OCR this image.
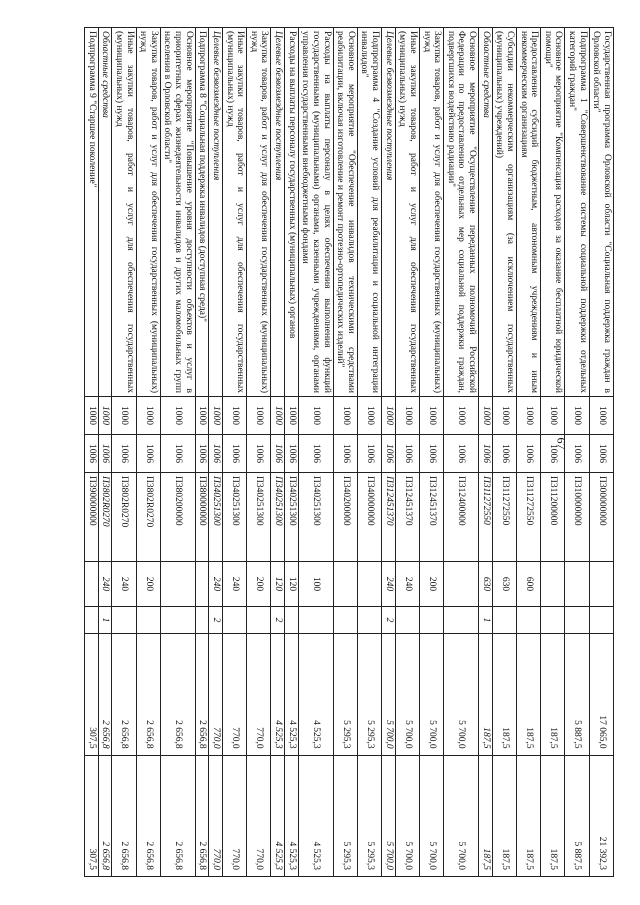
67
Государственная программа Орловской области "Социальная поддержка граждан в Орловской области"	1000	1006	П300000000			17 065,0	21 392,3
Подпрограмма 1 "Совершенствование системы социальной поддержки отдельных категорий граждан"	1000	1006	П310000000			5 887,5	5 887,5
Основное мероприятие "Компенсация расходов за оказание бесплатной юридической помощи"	1000	1006	П311200000			187,5	187,5
Предоставление субсидий бюджетным, автономным учреждениям и иным некоммерческим организациям	1000	1006	П311272550	600		187,5	187,5
Субсидии некоммерческим организациям (за исключением государственных (муниципальных) учреждений)	1000	1006	П311272550	630		187,5	187,5
Областные средства	1000	1006	П311272550	630	1	187,5	187,5
Основное мероприятие "Осуществление переданных полномочий Российской Федерации по предоставлению отдельных мер социальной поддержки граждан, подвергшихся воздействию радиации"	1000	1006	П312400000			5 700,0	5 700,0
Закупка товаров, работ и услуг для обеспечения государственных (муниципальных) нужд	1000	1006	П312451370	200		5 700,0	5 700,0
Иные закупки товаров, работ и услуг для обеспечения государственных (муниципальных) нужд	1000	1006	П312451370	240		5 700,0	5 700,0
Целевые безвозмездные поступления	1000	1006	П312451370	240	2	5 700,0	5 700,0
Подпрограмма 4 "Создание условий для реабилитации и социальной интеграции инвалидов"	1000	1006	П340000000			5 295,3	5 295,3
Основное мероприятие "Обеспечение инвалидов техническими средствами реабилитации, включая изготовление и ремонт протезно-ортопедических изделий"	1000	1006	П340200000			5 295,3	5 295,3
Расходы на выплаты персоналу в целях обеспечения выполнения функций государственными (муниципальными) органами, казенными учреждениями, органами управления государственными внебюджетными фондами	1000	1006	П340251300	100		4 525,3	4 525,3
Расходы на выплаты персоналу государственных (муниципальных) органов	1000	1006	П340251300	120		4 525,3	4 525,3
Целевые безвозмездные поступления	1000	1006	П340251300	120	2	4 525,3	4 525,3
Закупка товаров, работ и услуг для обеспечения государственных (муниципальных) нужд	1000	1006	П340251300	200		770,0	770,0
Иные закупки товаров, работ и услуг для обеспечения государственных (муниципальных) нужд	1000	1006	П340251300	240		770,0	770,0
Целевые безвозмездные поступления	1000	1006	П340251300	240	2	770,0	770,0
Подпрограмма 8 "Социальная поддержка инвалидов (доступная среда)"	1000	1006	П380000000			2 656,8	2 656,8
Основное мероприятие "Повышение уровня доступности объектов и услуг в приоритетных сферах жизнедеятельности инвалидов и других маломобильных групп населения в Орловской области"	1000	1006	П380200000			2 656,8	2 656,8
Закупка товаров, работ и услуг для обеспечения государственных (муниципальных) нужд	1000	1006	П3802R0270	200		2 656,8	2 656,8
Иные закупки товаров, работ и услуг для обеспечения государственных (муниципальных) нужд	1000	1006	П3802R0270	240		2 656,8	2 656,8
Областные средства	1000	1006	П3802R0270	240	1	2 656,8	2 656,8
Подпрограмма 9 "Старшее поколение"	1000	1006	П390000000			307,5	307,5
